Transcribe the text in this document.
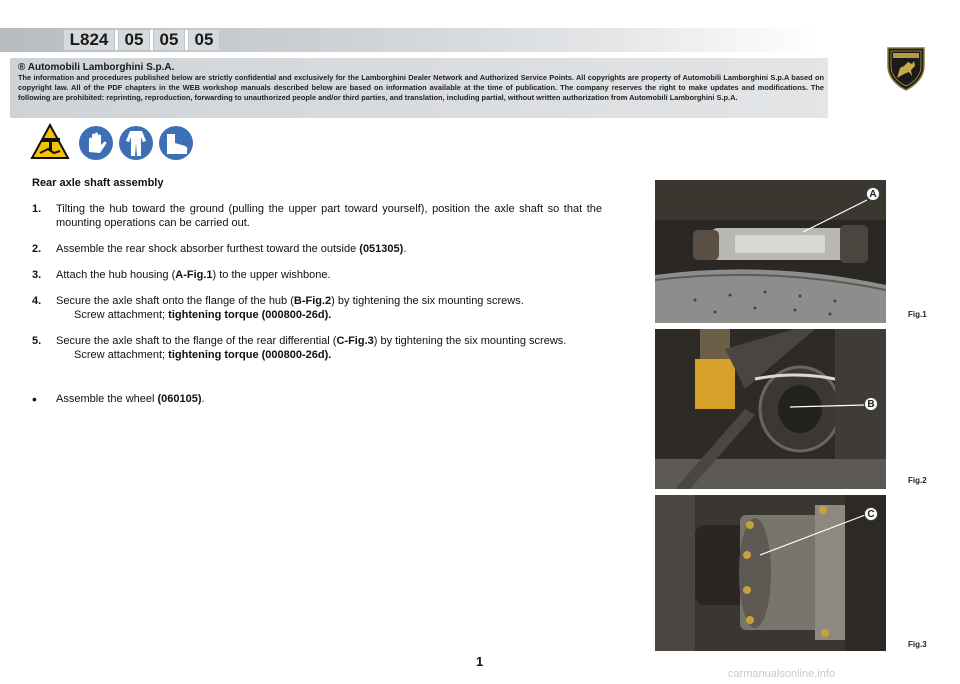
L824 05 05 05
® Automobili Lamborghini S.p.A.
The information and procedures published below are strictly confidential and exclusively for the Lamborghini Dealer Network and Authorized Service Points. All copyrights are property of Automobili Lamborghini S.p.A based on copyright law. All of the PDF chapters in the WEB workshop manuals described below are based on information available at the time of publication. The company reserves the right to make updates and modifications. The following are prohibited: reprinting, reproduction, forwarding to unauthorized people and/or third parties, and translation, including partial, without written authorization from Automobili Lamborghini S.p.A.
Rear axle shaft assembly
1.	Tilting the hub toward the ground (pulling the upper part toward yourself), position the axle shaft so that the mounting operations can be carried out.
2.	Assemble the rear shock absorber furthest toward the outside (051305).
3.	Attach the hub housing (A-Fig.1) to the upper wishbone.
4.	Secure the axle shaft onto the flange of the hub (B-Fig.2) by tightening the six mounting screws.
Screw attachment; tightening torque (000800-26d).
5.	Secure the axle shaft to the flange of the rear differential (C-Fig.3) by tightening the six mounting screws.
Screw attachment; tightening torque (000800-26d).
•	Assemble the wheel (060105).
A
Fig.1
B
Fig.2
C
Fig.3
1
carmanualsonline.info
